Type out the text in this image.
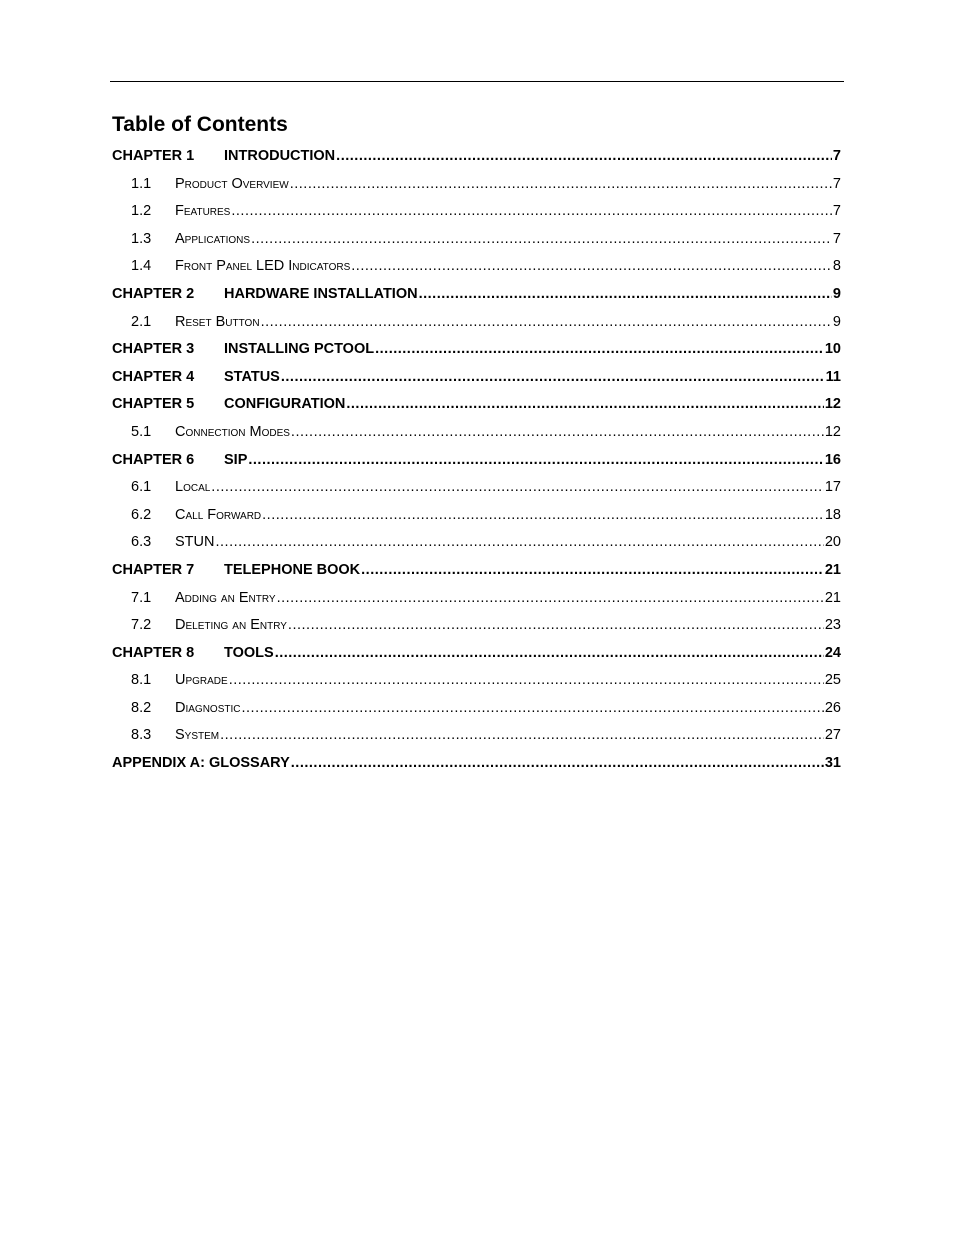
Table of Contents
CHAPTER 1	INTRODUCTION .....	7
1.1	Product Overview .....	7
1.2	Features .....	7
1.3	Applications .....	7
1.4	Front Panel LED Indicators .....	8
CHAPTER 2	HARDWARE INSTALLATION .....	9
2.1	Reset Button .....	9
CHAPTER 3	INSTALLING PCTOOL .....	10
CHAPTER 4	STATUS .....	11
CHAPTER 5	CONFIGURATION .....	12
5.1	Connection Modes .....	12
CHAPTER 6	SIP .....	16
6.1	Local .....	17
6.2	Call Forward .....	18
6.3	STUN .....	20
CHAPTER 7	TELEPHONE BOOK .....	21
7.1	Adding an Entry .....	21
7.2	Deleting an Entry .....	23
CHAPTER 8	TOOLS .....	24
8.1	Upgrade .....	25
8.2	Diagnostic .....	26
8.3	System .....	27
APPENDIX A: GLOSSARY .....	31
